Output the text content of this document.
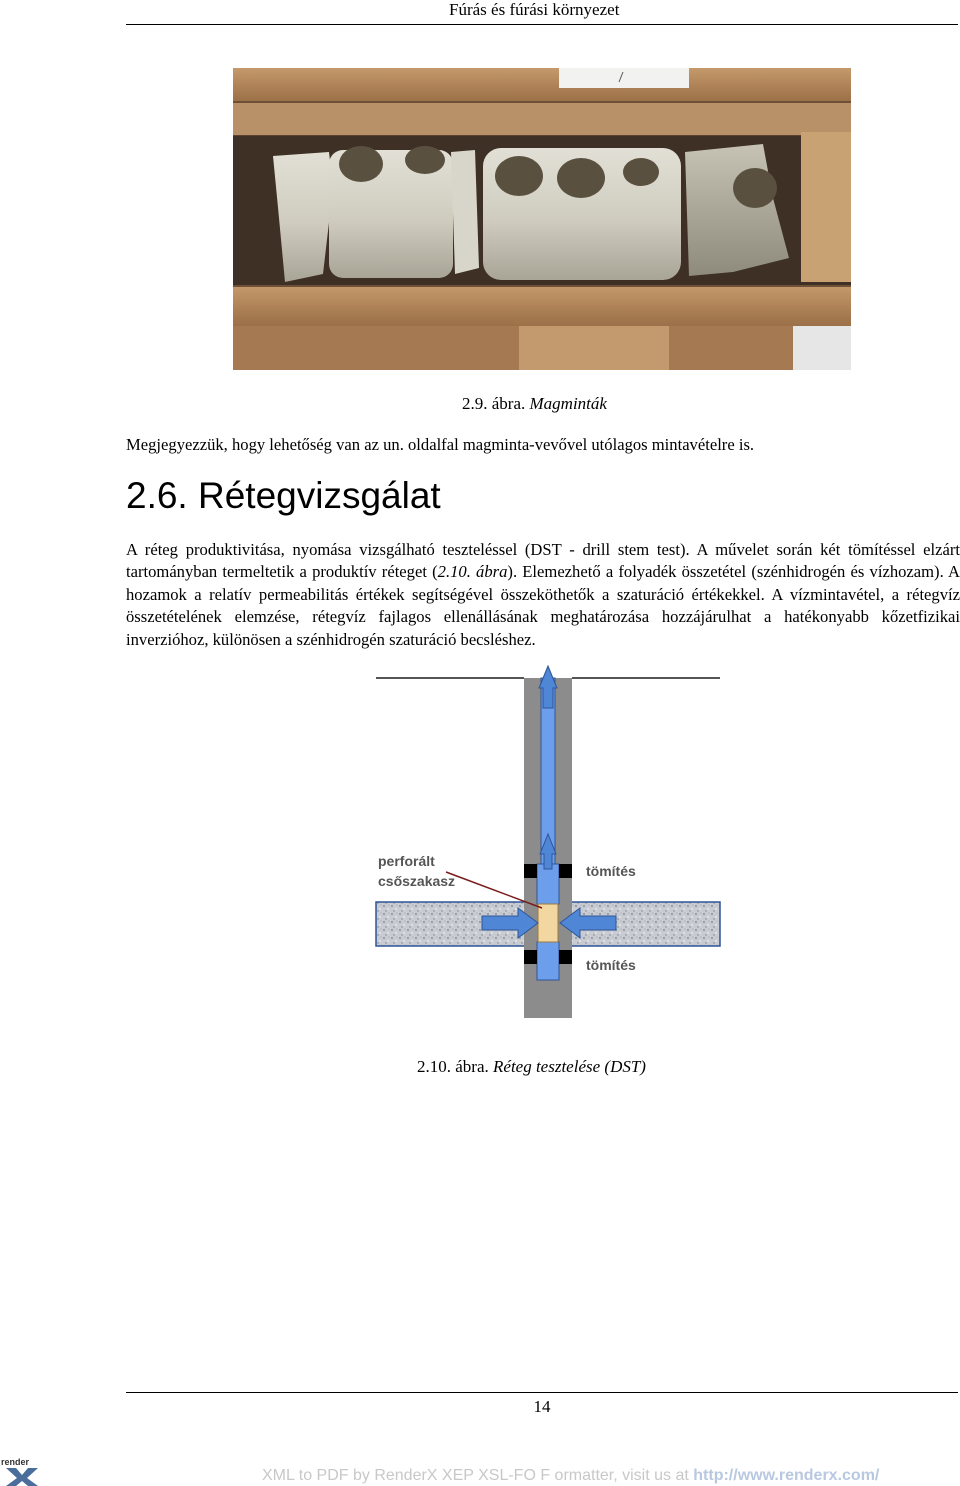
Fúrás és fúrási környezet
2.9. ábra. Magminták
Megjegyezzük, hogy lehetőség van az un. oldalfal magminta-vevővel utólagos mintavételre is.
2.6. Rétegvizsgálat
A réteg produktivitása, nyomása vizsgálható teszteléssel (DST - drill stem test). A művelet során két tömítéssel elzárt tartományban termeltetik a produktív réteget (2.10. ábra). Elemezhető a folyadék összetétel (szénhidrogén és vízhozam). A hozamok a relatív permeabilitás értékek segítségével összeköthetők a szaturáció értékekkel. A vízmintavétel, a rétegvíz összetételének elemzése, rétegvíz fajlagos ellenállásának meghatározása hozzájárulhat a hatékonyabb kőzetfizikai inverzióhoz, különösen a szénhidrogén szaturáció becsléshez.
perforált
csőszakasz
tömítés
tömítés
2.10. ábra. Réteg tesztelése (DST)
14
render
XML to PDF by RenderX XEP XSL-FO F ormatter, visit us at http://www.renderx.com/
